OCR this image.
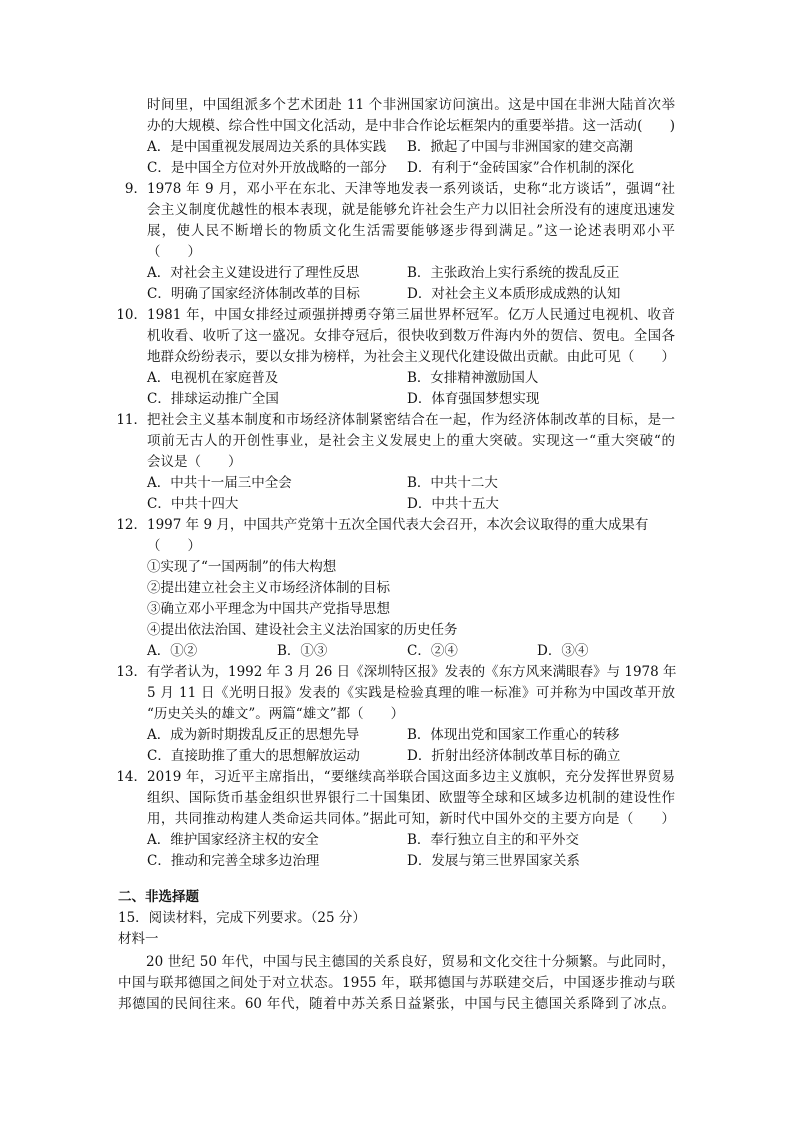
时间里，中国组派多个艺术团赴 11 个非洲国家访问演出。这是中国在非洲大陆首次举
办的大规模、综合性中国文化活动，是中非合作论坛框架内的重要举措。这一活动(　　)
A．是中国重视发展周边关系的具体实践 B．掀起了中国与非洲国家的建交高潮
C．是中国全方位对外开放战略的一部分 D．有利于“金砖国家”合作机制的深化
9． 1978 年 9 月，邓小平在东北、天津等地发表一系列谈话，史称“北方谈话”，强调“社
会主义制度优越性的根本表现，就是能够允许社会生产力以旧社会所没有的速度迅速发
展，使人民不断增长的物质文化生活需要能够逐步得到满足。”这一论述表明邓小平
（　　）
A．对社会主义建设进行了理性反思	B．主张政治上实行系统的拨乱反正
C．明确了国家经济体制改革的目标	D．对社会主义本质形成成熟的认知
10． 1981 年，中国女排经过顽强拼搏勇夺第三届世界杯冠军。亿万人民通过电视机、收音
机收看、收听了这一盛况。女排夺冠后，很快收到数万件海内外的贺信、贺电。全国各
地群众纷纷表示，要以女排为榜样，为社会主义现代化建设做出贡献。由此可见（　　）
A．电视机在家庭普及	B．女排精神激励国人
C．排球运动推广全国	D．体育强国梦想实现
11． 把社会主义基本制度和市场经济体制紧密结合在一起，作为经济体制改革的目标，是一
项前无古人的开创性事业，是社会主义发展史上的重大突破。实现这一“重大突破“的
会议是（　　）
A．中共十一届三中全会	B．中共十二大
C．中共十四大	D．中共十五大
12． 1997 年 9 月，中国共产党第十五次全国代表大会召开，本次会议取得的重大成果有
（　　）
①实现了“一国两制”的伟大构想
②提出建立社会主义市场经济体制的目标
③确立邓小平理念为中国共产党指导思想
④提出依法治国、建设社会主义法治国家的历史任务
A．①②	B．①③	C．②④	D．③④
13． 有学者认为，1992 年 3 月 26 日《深圳特区报》发表的《东方风来满眼春》与 1978 年
5 月 11 日《光明日报》发表的《实践是检验真理的唯一标准》可并称为中国改革开放
“历史关头的雄文”。两篇“雄文”都（　　）
A．成为新时期拨乱反正的思想先导	B．体现出党和国家工作重心的转移
C．直接助推了重大的思想解放运动	D．折射出经济体制改革目标的确立
14． 2019 年，习近平主席指出，“要继续高举联合国这面多边主义旗帜，充分发挥世界贸易
组织、国际货币基金组织世界银行二十国集团、欧盟等全球和区域多边机制的建设性作
用，共同推动构建人类命运共同体。”据此可知，新时代中国外交的主要方向是（　　）
A．维护国家经济主权的安全	B．奉行独立自主的和平外交
C．推动和完善全球多边治理	D．发展与第三世界国家关系
二、非选择题
15．阅读材料，完成下列要求。（25 分）
材料一
20 世纪 50 年代，中国与民主德国的关系良好，贸易和文化交往十分频繁。与此同时，
中国与联邦德国之间处于对立状态。1955 年，联邦德国与苏联建交后，中国逐步推动与联
邦德国的民间往来。60 年代，随着中苏关系日益紧张，中国与民主德国关系降到了冰点。
